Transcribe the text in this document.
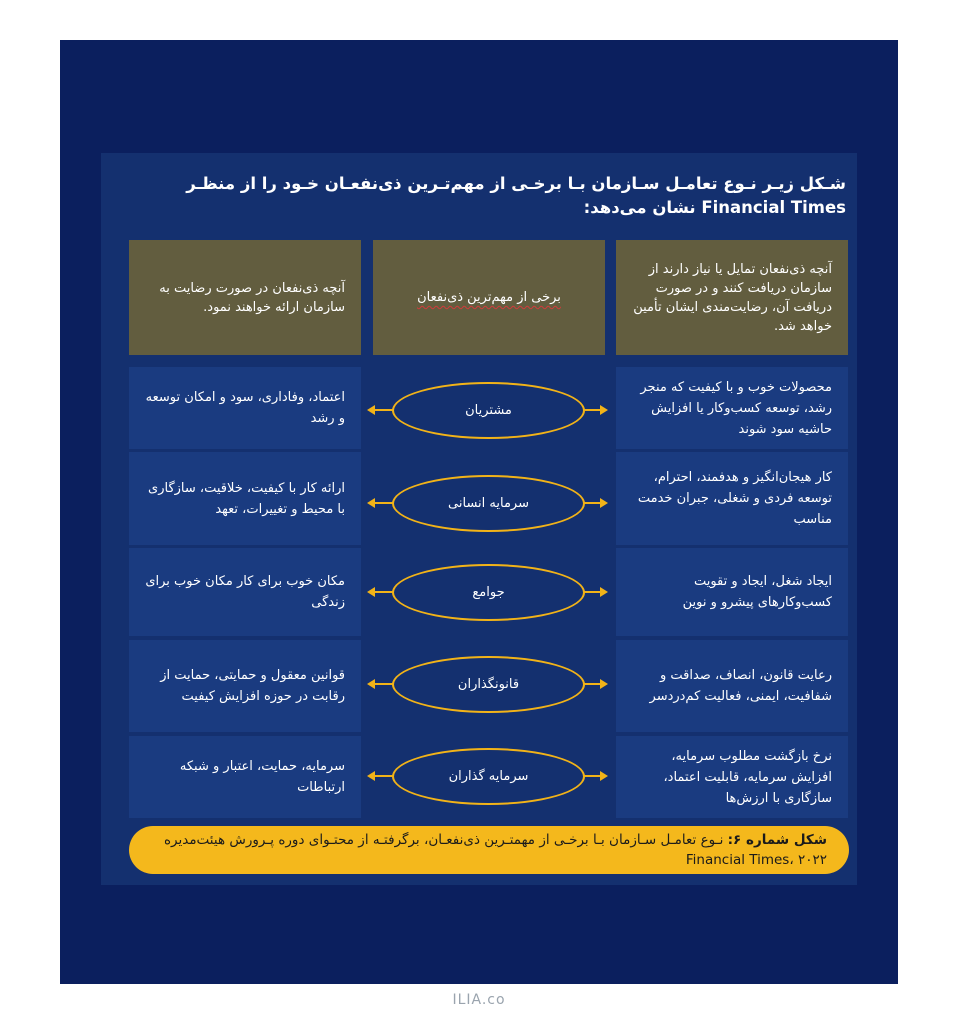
شـکل زیـر نـوع تعامـل سـازمان بـا برخـی از مهم‌تـرین ذی‌نفعـان خـود را از منظـر Financial Times نشان می‌دهد:
آنچه ذی‌نفعان تمایل یا نیاز دارند از سازمان دریافت کنند و در صورت دریافت آن، رضایت‌مندی ایشان تأمین خواهد شد.
برخی از مهم‌ترین ذی‌نفعان
آنچه ذی‌نفعان در صورت رضایت به سازمان ارائه خواهند نمود.
محصولات خوب و با کیفیت که منجر رشد، توسعه کسب‌وکار یا افزایش حاشیه سود شوند
اعتماد، وفاداری، سود و امکان توسعه و رشد
مشتریان
کار هیجان‌انگیز و هدفمند، احترام، توسعه فردی و شغلی، جبران خدمت مناسب
ارائه کار با کیفیت، خلاقیت، سازگاری با محیط و تغییرات، تعهد	سرمایه انسانی
ایجاد شغل، ایجاد و تقویت کسب‌وکارهای پیشرو و نوین
مکان خوب برای کار مکان خوب برای زندگی
جوامع
رعایت قانون، انصاف، صداقت و شفافیت، ایمنی، فعالیت کم‌دردسر
قوانین معقول و حمایتی، حمایت از رقابت در حوزه افزایش کیفیت
قانونگذاران
نرخ بازگشت مطلوب سرمایه، افزایش سرمایه، قابلیت اعتماد، سازگاری با ارزش‌ها
سرمایه، حمایت، اعتبار و شبکه ارتباطات
سرمایه گذاران
شکل شماره ۶: نـوع تعامـل سـازمان بـا برخـی از مهمتـرین ذی‌نفعـان، برگرفتـه از محتـوای دوره پـرورش هیئت‌مدیره Financial Times، ۲۰۲۲
ILIA.co
